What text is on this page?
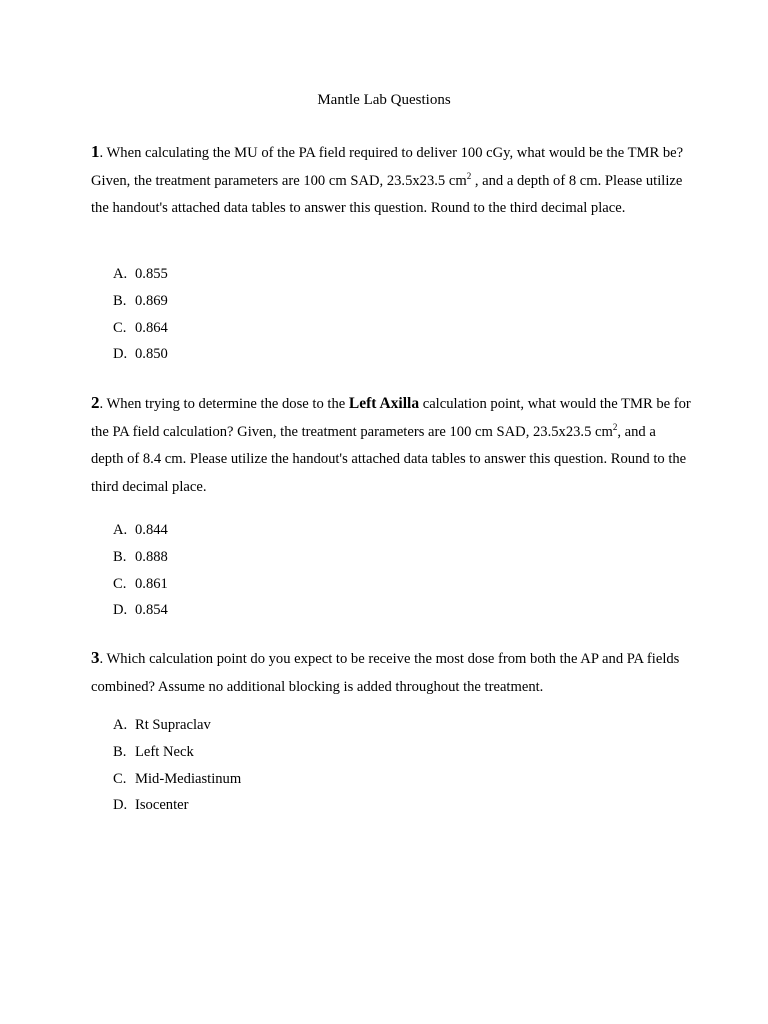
Mantle Lab Questions
1. When calculating the MU of the PA field required to deliver 100 cGy, what would be the TMR be? Given, the treatment parameters are 100 cm SAD, 23.5x23.5 $cm^2$ , and a depth of 8 cm. Please utilize the handout's attached data tables to answer this question. Round to the third decimal place.
A. 0.855
B. 0.869
C. 0.864
D. 0.850
2. When trying to determine the dose to the Left Axilla calculation point, what would the TMR be for the PA field calculation? Given, the treatment parameters are 100 cm SAD, 23.5x23.5 $cm^2$, and a depth of 8.4 cm. Please utilize the handout's attached data tables to answer this question. Round to the third decimal place.
A. 0.844
B. 0.888
C. 0.861
D. 0.854
3. Which calculation point do you expect to be receive the most dose from both the AP and PA fields combined? Assume no additional blocking is added throughout the treatment.
A. Rt Supraclav
B. Left Neck
C. Mid-Mediastinum
D. Isocenter
